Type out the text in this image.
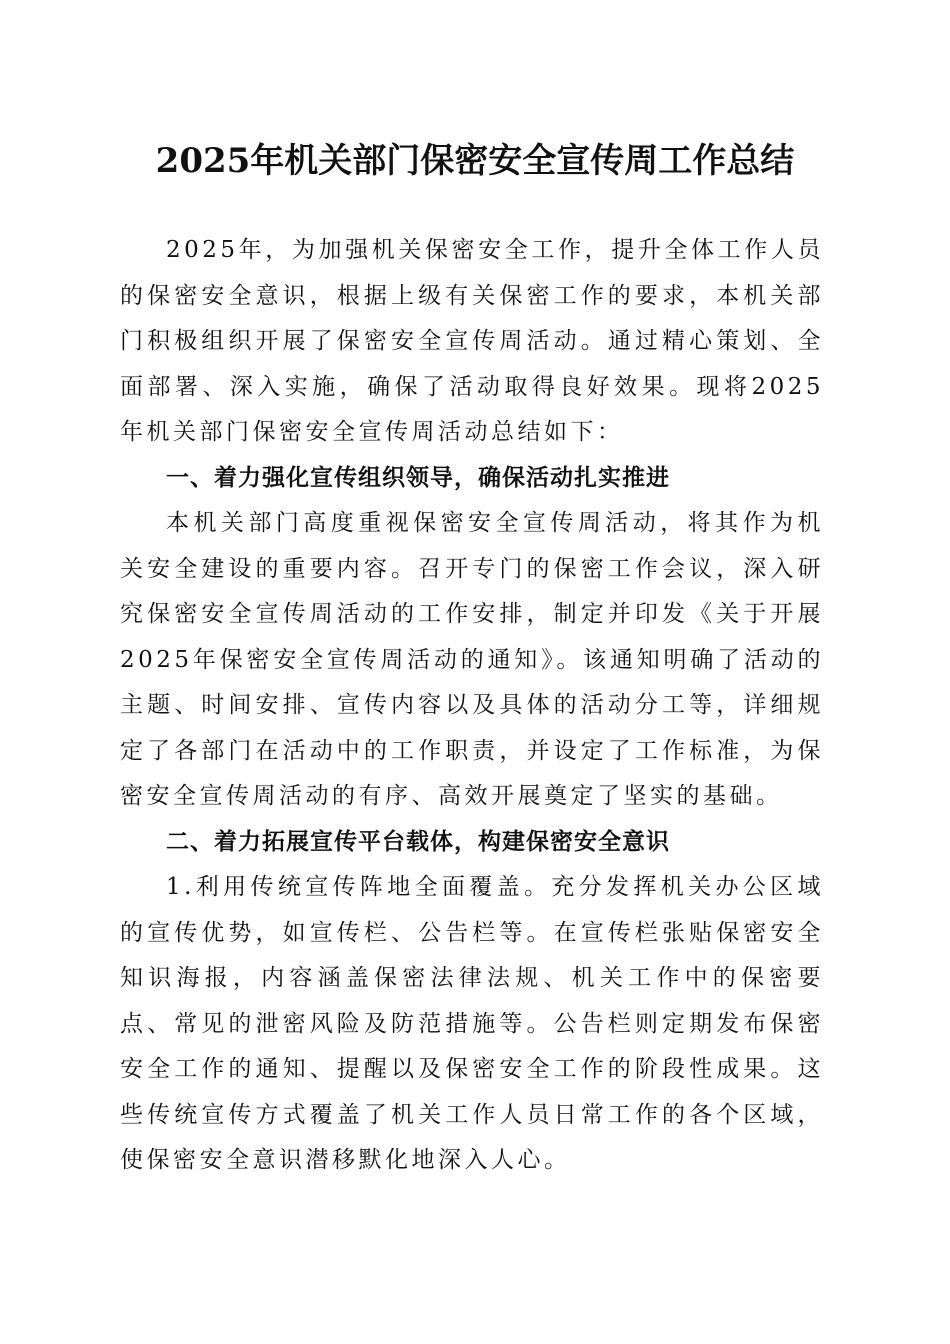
2025年机关部门保密安全宣传周工作总结

2025年，为加强机关保密安全工作，提升全体工作人员的保密安全意识，根据上级有关保密工作的要求，本机关部门积极组织开展了保密安全宣传周活动。通过精心策划、全面部署、深入实施，确保了活动取得良好效果。现将2025年机关部门保密安全宣传周活动总结如下：

一、着力强化宣传组织领导，确保活动扎实推进

本机关部门高度重视保密安全宣传周活动，将其作为机关安全建设的重要内容。召开专门的保密工作会议，深入研究保密安全宣传周活动的工作安排，制定并印发《关于开展2025年保密安全宣传周活动的通知》。该通知明确了活动的主题、时间安排、宣传内容以及具体的活动分工等，详细规定了各部门在活动中的工作职责，并设定了工作标准，为保密安全宣传周活动的有序、高效开展奠定了坚实的基础。

二、着力拓展宣传平台载体，构建保密安全意识

1.利用传统宣传阵地全面覆盖。充分发挥机关办公区域的宣传优势，如宣传栏、公告栏等。在宣传栏张贴保密安全知识海报，内容涵盖保密法律法规、机关工作中的保密要点、常见的泄密风险及防范措施等。公告栏则定期发布保密安全工作的通知、提醒以及保密安全工作的阶段性成果。这些传统宣传方式覆盖了机关工作人员日常工作的各个区域，使保密安全意识潜移默化地深入人心。
